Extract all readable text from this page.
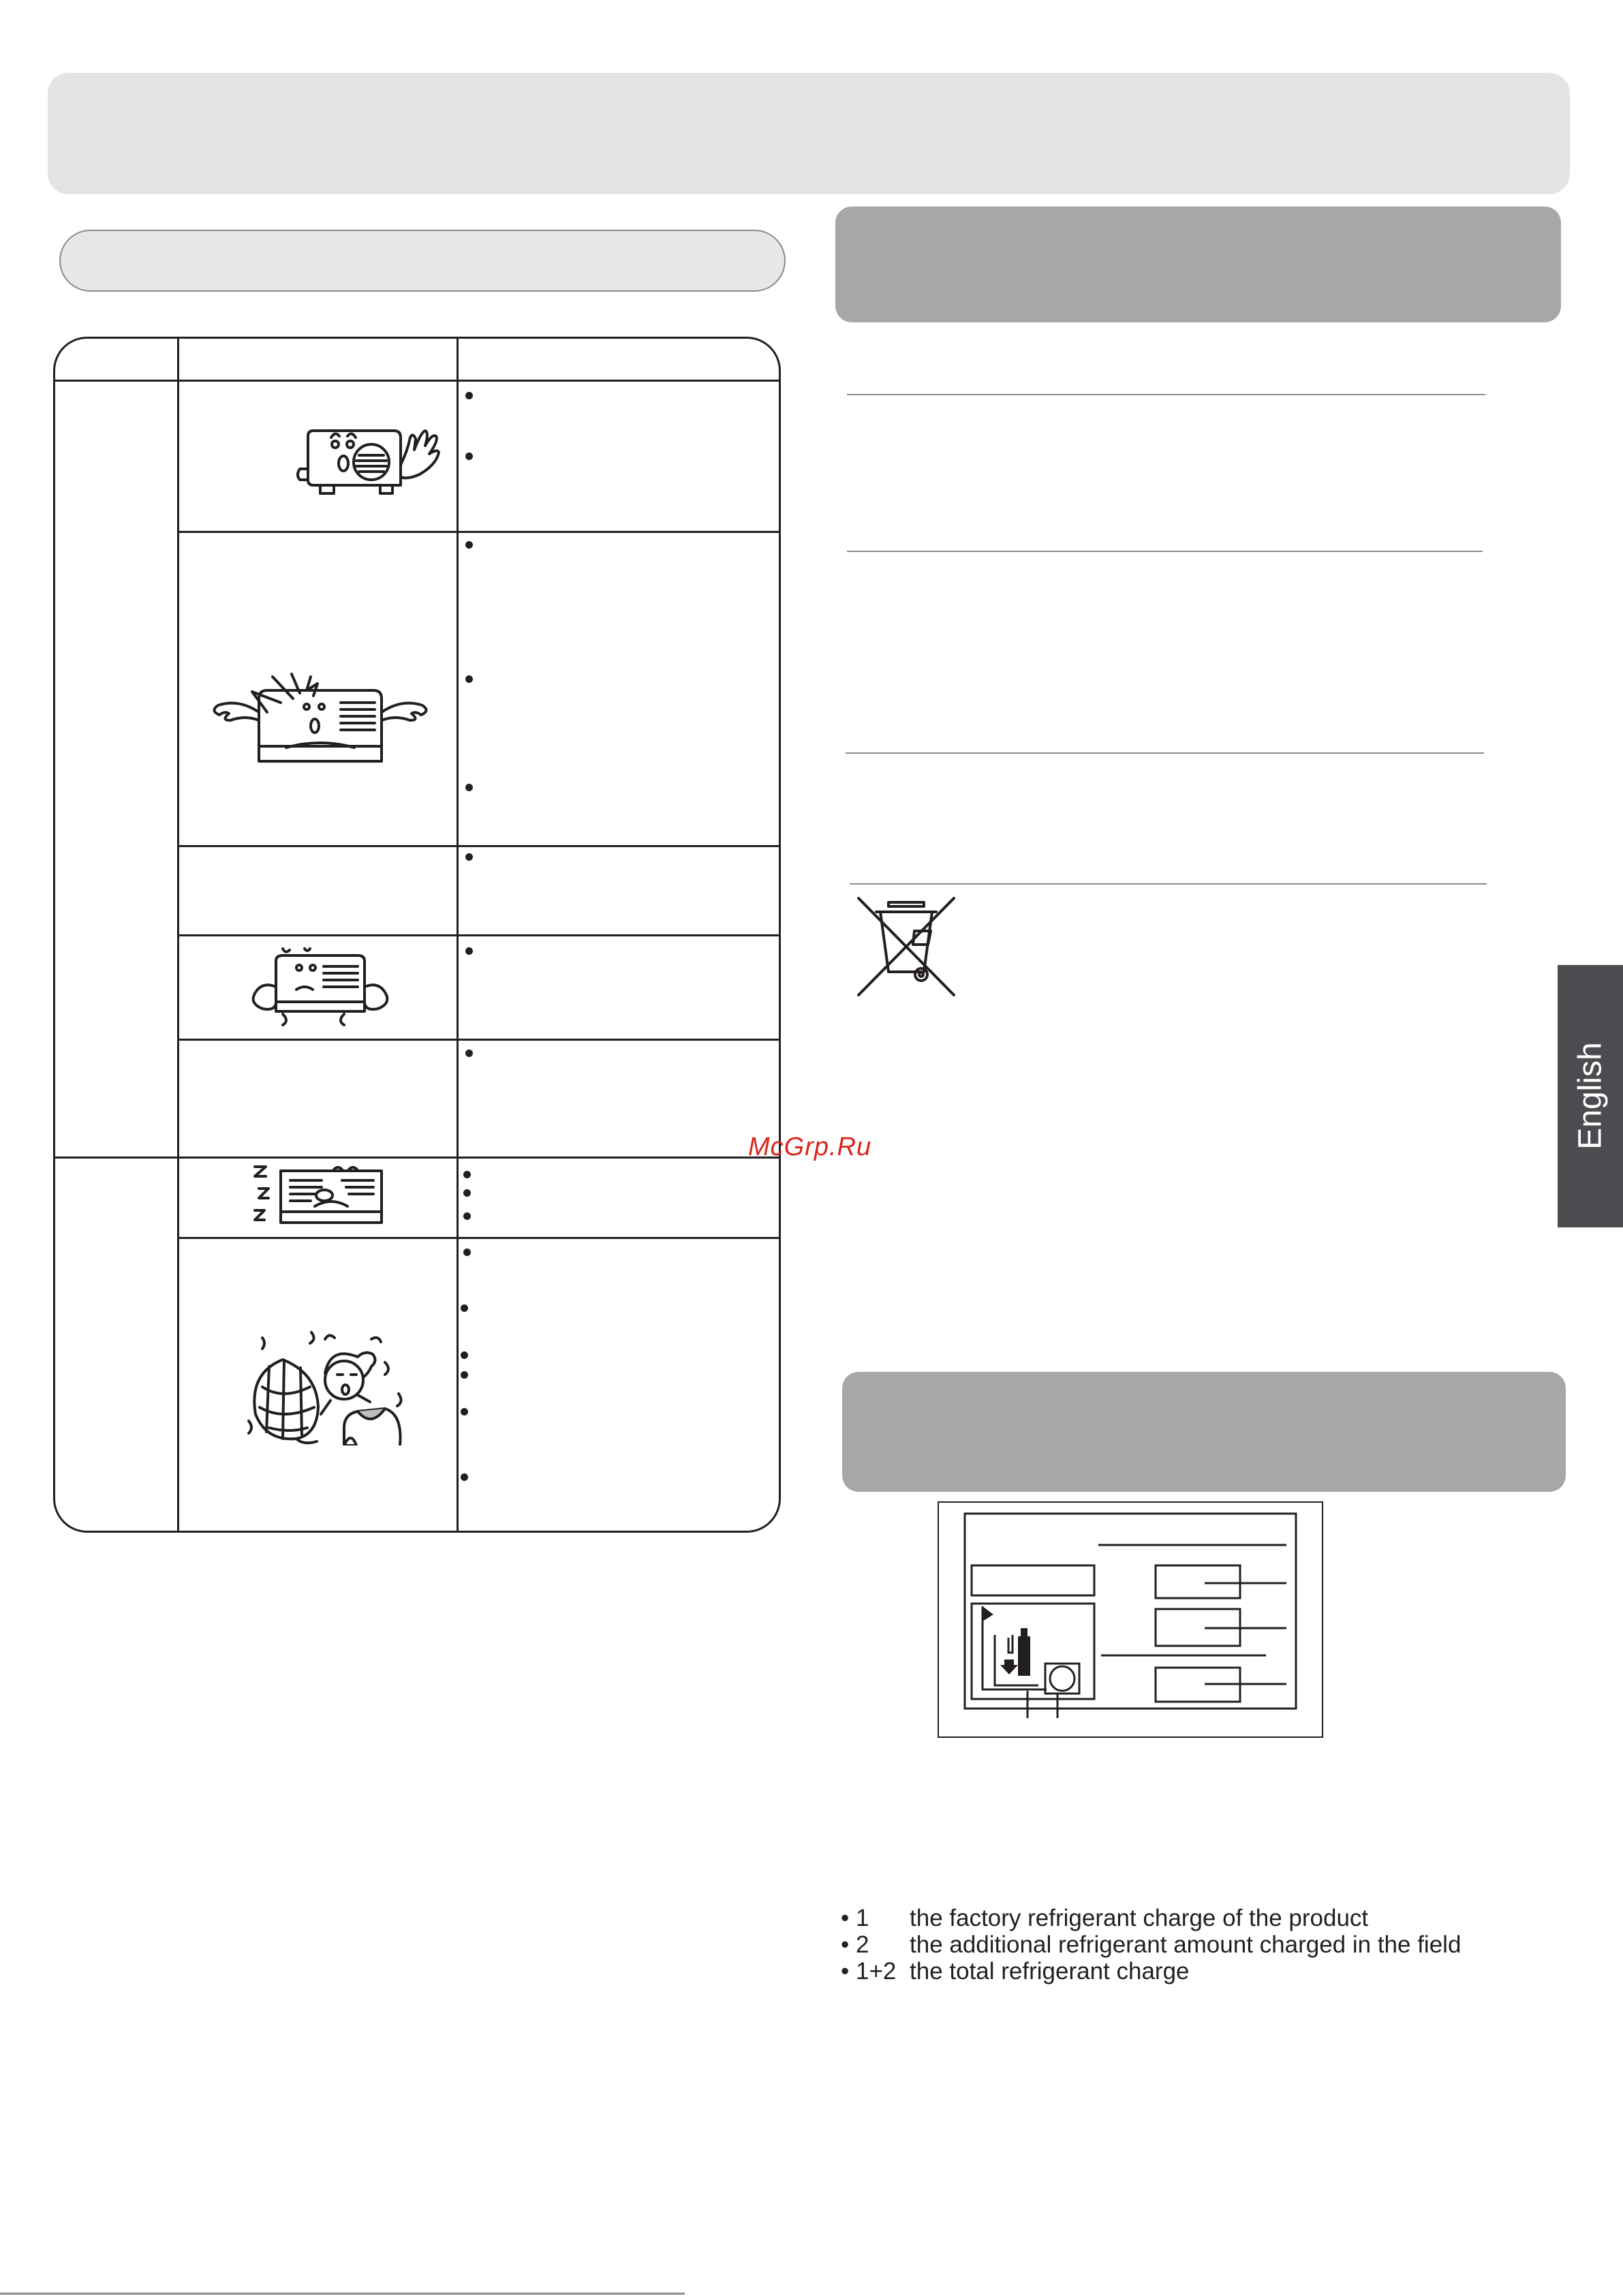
English
McGrp.Ru
• 1	the factory refrigerant charge of the product
• 2	the additional refrigerant amount charged in the field
• 1+2 the total refrigerant charge
